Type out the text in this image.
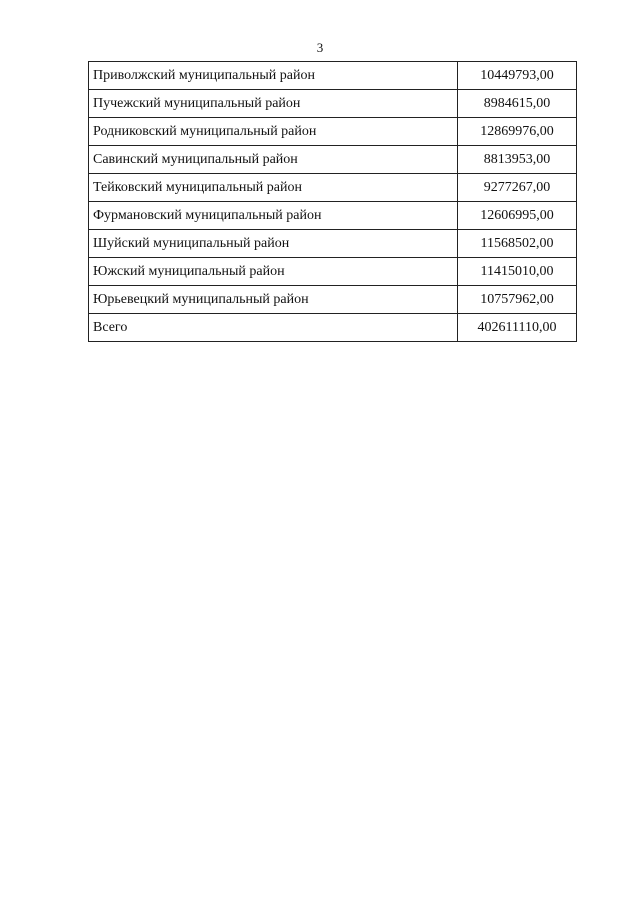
3
Приволжский муниципальный район	10449793,00
Пучежский муниципальный район	8984615,00
Родниковский муниципальный район	12869976,00
Савинский муниципальный район	8813953,00
Тейковский муниципальный район	9277267,00
Фурмановский муниципальный район	12606995,00
Шуйский муниципальный район	11568502,00
Южский муниципальный район	11415010,00
Юрьевецкий муниципальный район	10757962,00
Всего	402611110,00
